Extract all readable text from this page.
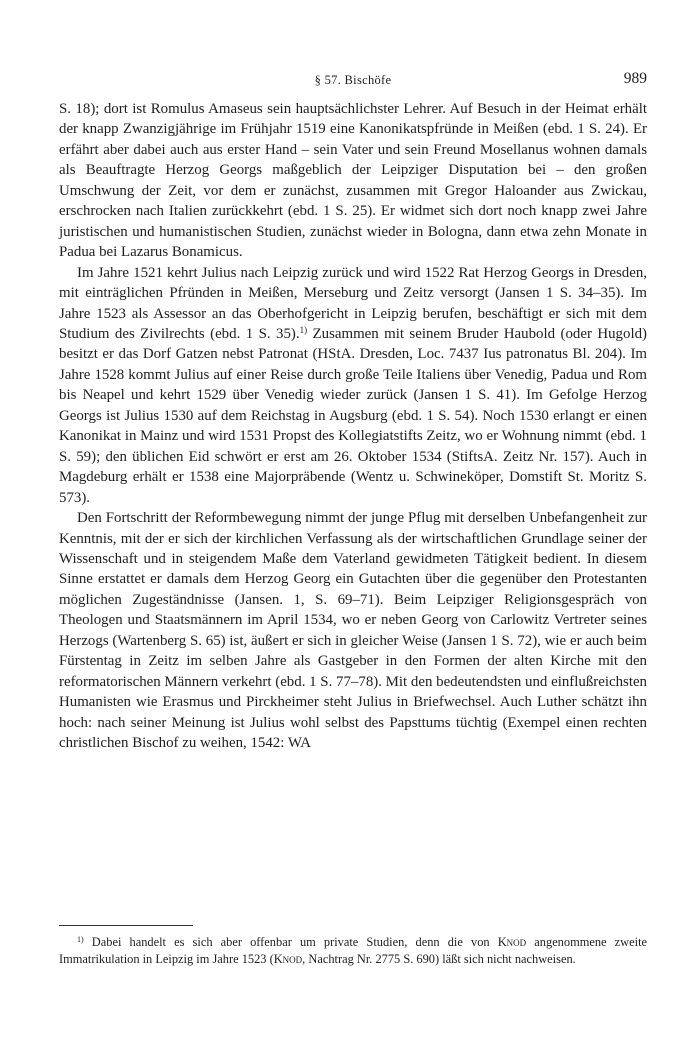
§ 57. Bischöfe	989

S. 18); dort ist Romulus Amaseus sein hauptsächlichster Lehrer. Auf Besuch in der Heimat erhält der knapp Zwanzigjährige im Frühjahr 1519 eine Kanonikatspfründe in Meißen (ebd. 1 S. 24). Er erfährt aber dabei auch aus erster Hand – sein Vater und sein Freund Mosellanus wohnen damals als Beauftragte Herzog Georgs maßgeblich der Leipziger Disputation bei – den großen Umschwung der Zeit, vor dem er zunächst, zusammen mit Gregor Haloander aus Zwickau, erschrocken nach Italien zurückkehrt (ebd. 1 S. 25). Er widmet sich dort noch knapp zwei Jahre juristischen und humanistischen Studien, zunächst wieder in Bologna, dann etwa zehn Monate in Padua bei Lazarus Bonamicus.

Im Jahre 1521 kehrt Julius nach Leipzig zurück und wird 1522 Rat Herzog Georgs in Dresden, mit einträglichen Pfründen in Meißen, Merseburg und Zeitz versorgt (Jansen 1 S. 34–35). Im Jahre 1523 als Assessor an das Oberhofgericht in Leipzig berufen, beschäftigt er sich mit dem Studium des Zivilrechts (ebd. 1 S. 35).$^{1)}$ Zusammen mit seinem Bruder Haubold (oder Hugold) besitzt er das Dorf Gatzen nebst Patronat (HStA. Dresden, Loc. 7437 Ius patronatus Bl. 204). Im Jahre 1528 kommt Julius auf einer Reise durch große Teile Italiens über Venedig, Padua und Rom bis Neapel und kehrt 1529 über Venedig wieder zurück (Jansen 1 S. 41). Im Gefolge Herzog Georgs ist Julius 1530 auf dem Reichstag in Augsburg (ebd. 1 S. 54). Noch 1530 erlangt er einen Kanonikat in Mainz und wird 1531 Propst des Kollegiatstifts Zeitz, wo er Wohnung nimmt (ebd. 1 S. 59); den üblichen Eid schwört er erst am 26. Oktober 1534 (StiftsA. Zeitz Nr. 157). Auch in Magdeburg erhält er 1538 eine Majorpräbende (Wentz u. Schwineköper, Domstift St. Moritz S. 573).

Den Fortschritt der Reformbewegung nimmt der junge Pflug mit derselben Unbefangenheit zur Kenntnis, mit der er sich der kirchlichen Verfassung als der wirtschaftlichen Grundlage seiner der Wissenschaft und in steigendem Maße dem Vaterland gewidmeten Tätigkeit bedient. In diesem Sinne erstattet er damals dem Herzog Georg ein Gutachten über die gegenüber den Protestanten möglichen Zugeständnisse (Jansen. 1, S. 69–71). Beim Leipziger Religionsgespräch von Theologen und Staatsmännern im April 1534, wo er neben Georg von Carlowitz Vertreter seines Herzogs (Wartenberg S. 65) ist, äußert er sich in gleicher Weise (Jansen 1 S. 72), wie er auch beim Fürstentag in Zeitz im selben Jahre als Gastgeber in den Formen der alten Kirche mit den reformatorischen Männern verkehrt (ebd. 1 S. 77–78). Mit den bedeutendsten und einflußreichsten Humanisten wie Erasmus und Pirckheimer steht Julius in Briefwechsel. Auch Luther schätzt ihn hoch: nach seiner Meinung ist Julius wohl selbst des Papsttums tüchtig (Exempel einen rechten christlichen Bischof zu weihen, 1542: WA

$^{1)}$ Dabei handelt es sich aber offenbar um private Studien, denn die von Knod angenommene zweite Immatrikulation in Leipzig im Jahre 1523 (Knod, Nachtrag Nr. 2775 S. 690) läßt sich nicht nachweisen.
